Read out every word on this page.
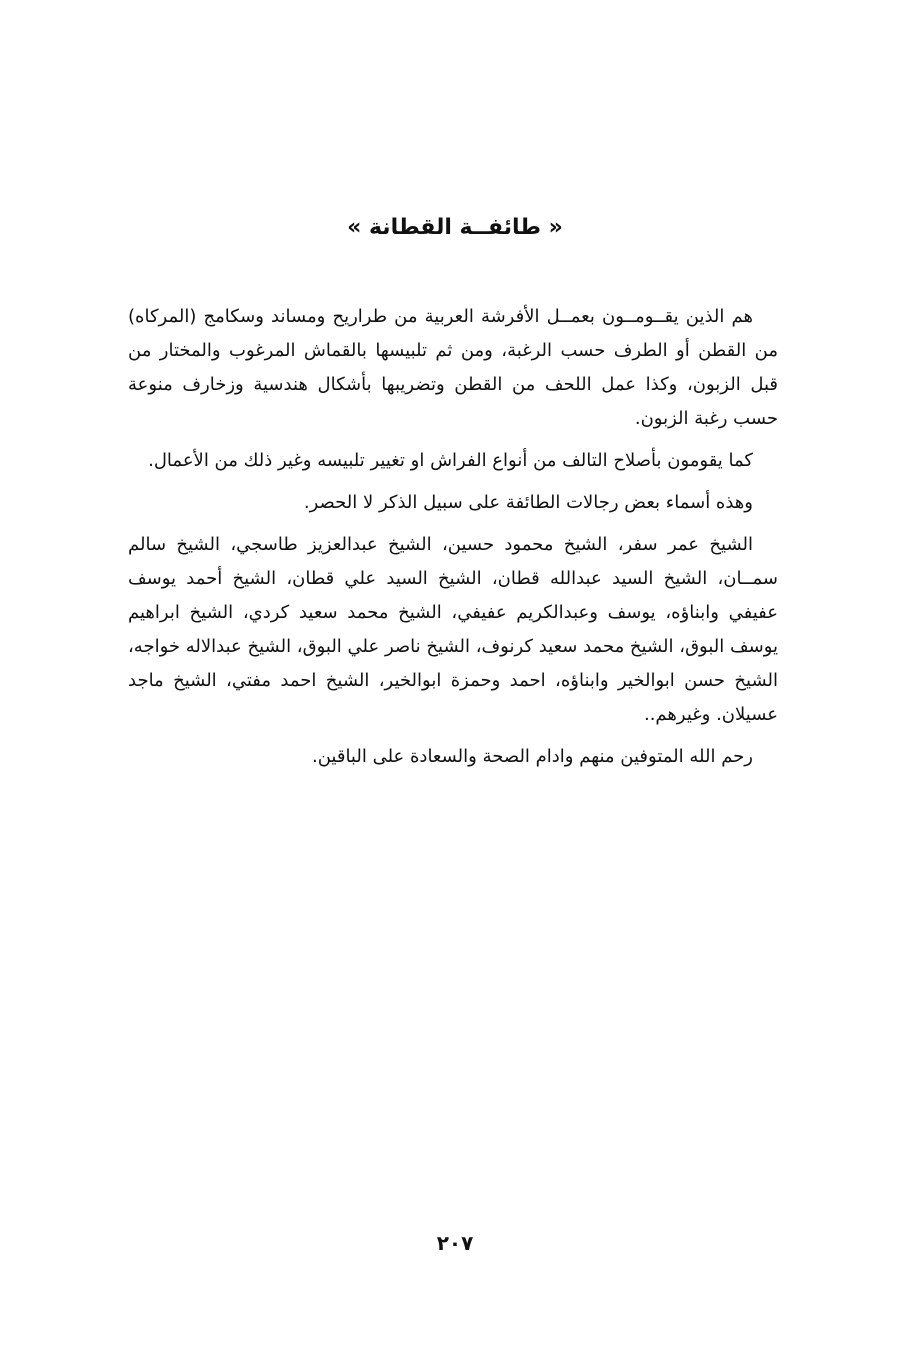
« طائفــة القطانة »

هم الذين يقــومــون بعمــل الأفرشة العربية من طراريح ومساند وسكامج (المركاه) من القطن أو الطرف حسب الرغبة، ومن ثم تلبيسها بالقماش المرغوب والمختار من قبل الزبون، وكذا عمل اللحف من القطن وتضريبها بأشكال هندسية وزخارف منوعة حسب رغبة الزبون.

كما يقومون بأصلاح التالف من أنواع الفراش او تغيير تلبيسه وغير ذلك من الأعمال.

وهذه أسماء بعض رجالات الطائفة على سبيل الذكر لا الحصر.

الشيخ عمر سفر، الشيخ محمود حسين، الشيخ عبدالعزيز طاسجي، الشيخ سالم سمــان، الشيخ السيد عبدالله قطان، الشيخ السيد علي قطان، الشيخ أحمد يوسف عفيفي وابناؤه، يوسف وعبدالكريم عفيفي، الشيخ محمد سعيد كردي، الشيخ ابراهيم يوسف البوق، الشيخ محمد سعيد كرنوف، الشيخ ناصر علي البوق، الشيخ عبدالاله خواجه، الشيخ حسن ابوالخير وابناؤه، احمد وحمزة ابوالخير، الشيخ احمد مفتي، الشيخ ماجد عسيلان. وغيرهم..

رحم الله المتوفين منهم وادام الصحة والسعادة على الباقين.

٢٠٧
